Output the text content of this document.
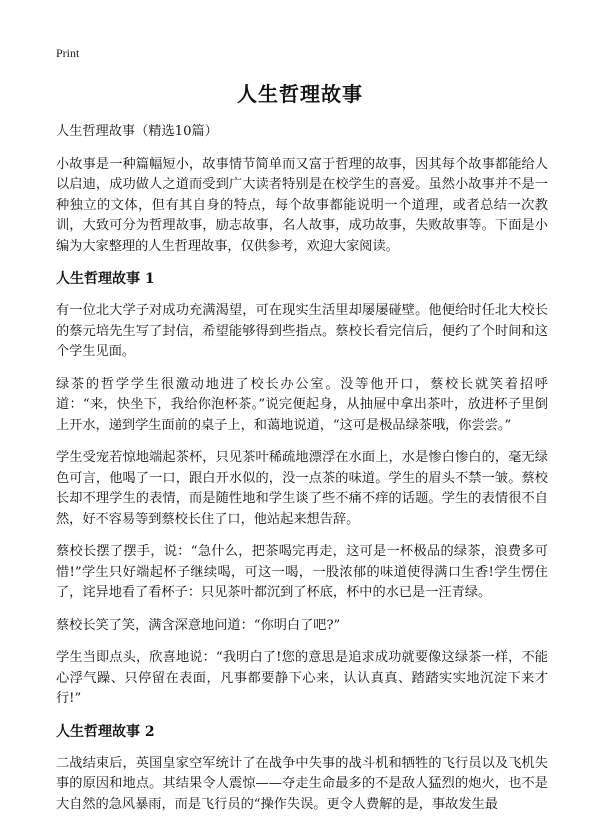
Print
人生哲理故事

人生哲理故事（精选10篇）

小故事是一种篇幅短小，故事情节简单而又富于哲理的故事，因其每个故事都能给人以启迪，成功做人之道而受到广大读者特别是在校学生的喜爱。虽然小故事并不是一种独立的文体，但有其自身的特点，每个故事都能说明一个道理，或者总结一次教训，大致可分为哲理故事，励志故事，名人故事，成功故事，失败故事等。下面是小编为大家整理的人生哲理故事，仅供参考，欢迎大家阅读。

人生哲理故事 1

有一位北大学子对成功充满渴望，可在现实生活里却屡屡碰壁。他便给时任北大校长的蔡元培先生写了封信，希望能够得到些指点。蔡校长看完信后，便约了个时间和这个学生见面。

绿茶的哲学学生很激动地进了校长办公室。没等他开口，蔡校长就笑着招呼道：“来，快坐下，我给你泡杯茶。”说完便起身，从抽屉中拿出茶叶，放进杯子里倒上开水，递到学生面前的桌子上，和蔼地说道，“这可是极品绿茶哦，你尝尝。”

学生受宠若惊地端起茶杯，只见茶叶稀疏地漂浮在水面上，水是惨白惨白的，毫无绿色可言，他喝了一口，跟白开水似的，没一点茶的味道。学生的眉头不禁一皱。蔡校长却不理学生的表情，而是随性地和学生谈了些不痛不痒的话题。学生的表情很不自然，好不容易等到蔡校长住了口，他站起来想告辞。

蔡校长摆了摆手，说：“急什么，把茶喝完再走，这可是一杯极品的绿茶，浪费多可惜!”学生只好端起杯子继续喝，可这一喝，一股浓郁的味道使得满口生香!学生愣住了，诧异地看了看杯子：只见茶叶都沉到了杯底，杯中的水已是一汪青绿。

蔡校长笑了笑，满含深意地问道：“你明白了吧?”

学生当即点头，欣喜地说：“我明白了!您的意思是追求成功就要像这绿茶一样，不能心浮气躁、只停留在表面，凡事都要静下心来，认认真真、踏踏实实地沉淀下来才行!”

人生哲理故事 2

二战结束后，英国皇家空军统计了在战争中失事的战斗机和牺牲的飞行员以及飞机失事的原因和地点。其结果令人震惊——夺走生命最多的不是敌人猛烈的炮火，也不是大自然的急风暴雨，而是飞行员的“操作失误。更令人费解的是，事故发生最
